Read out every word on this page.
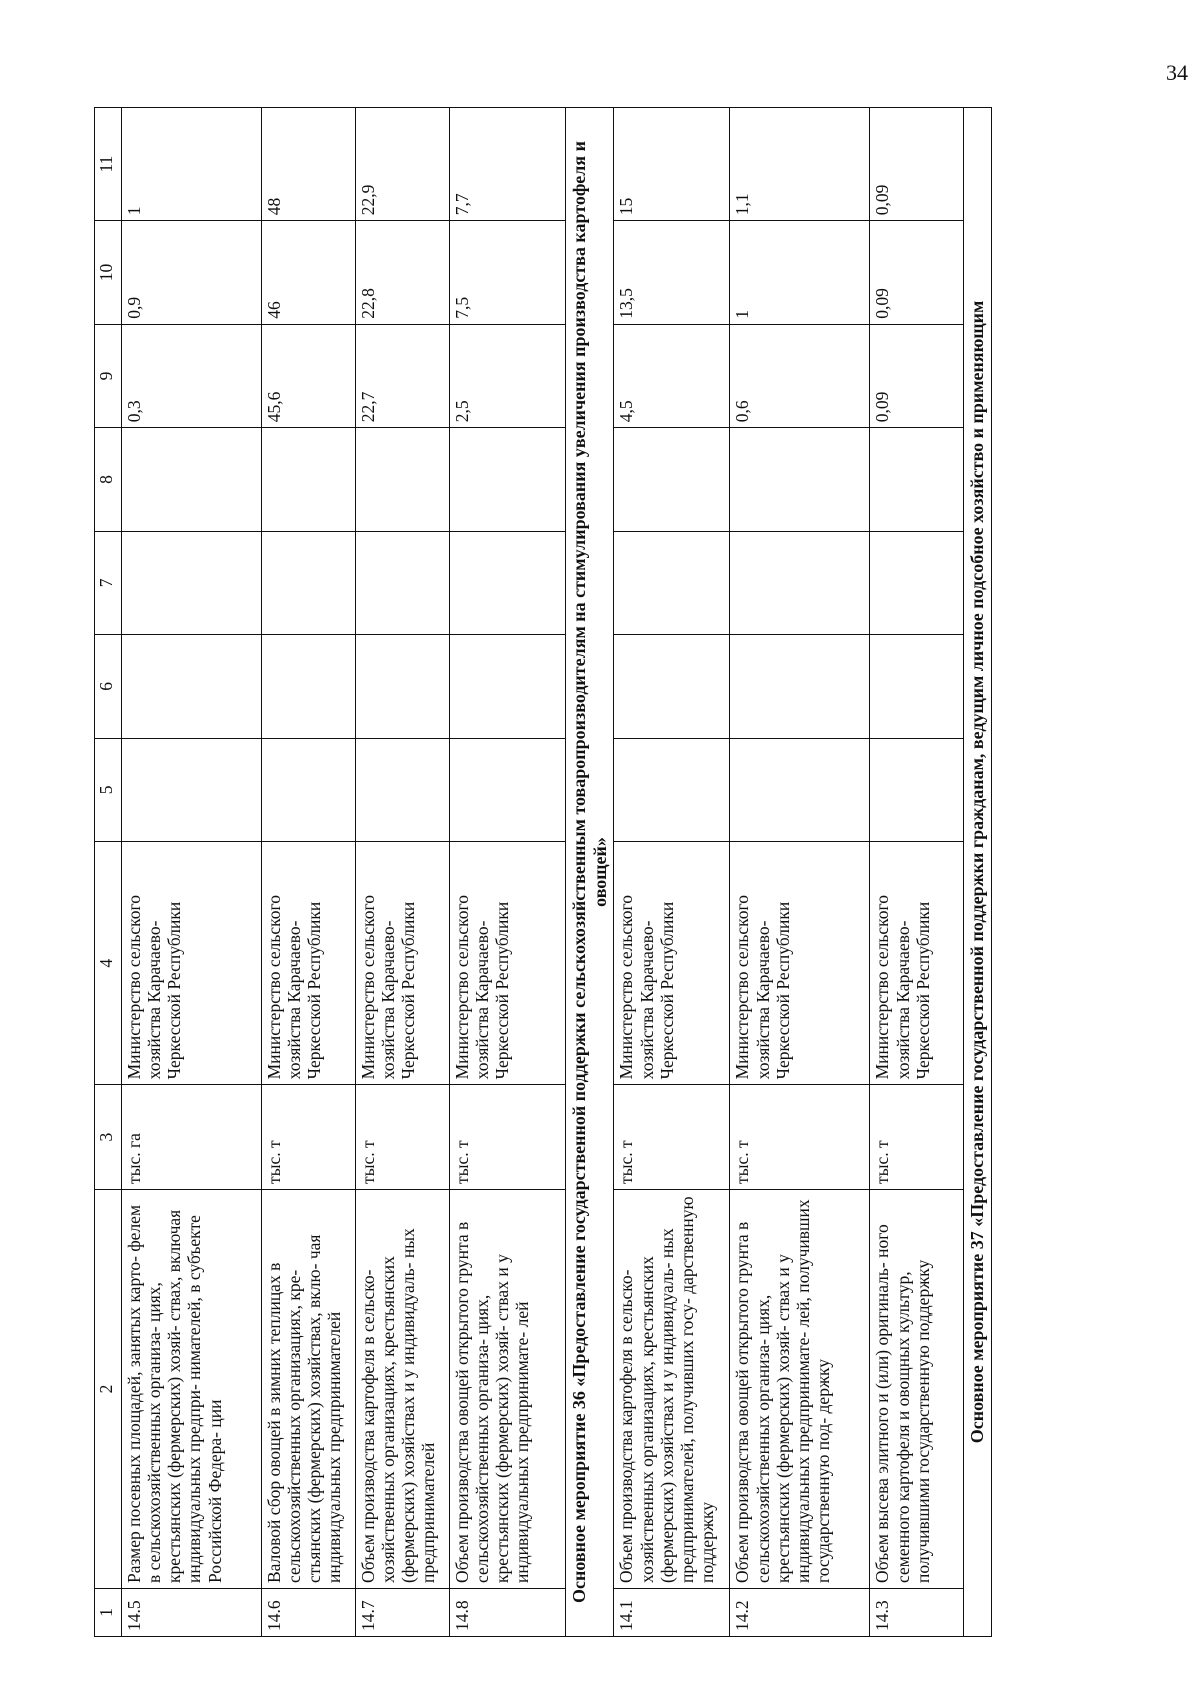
34
1	2	3	4	5	6	7	8	9	10	11
14.5	Размер посевных площадей, занятых карто- фелем в сельскохозяйственных организа- циях, крестьянских (фермерских) хозяй- ствах, включая индивидуальных предпри- нимателей, в субъекте Российской Федера- ции	тыс. га	Министерство сельского хозяйства Карачаево- Черкесской Республики					0,3	0,9	1
14.6	Валовой сбор овощей в зимних теплицах в сельскохозяйственных организациях, кре- стьянских (фермерских) хозяйствах, вклю- чая индивидуальных предпринимателей	тыс. т	Министерство сельского хозяйства Карачаево- Черкесской Республики					45,6	46	48
14.7	Объем производства картофеля в сельско- хозяйственных организациях, крестьянских (фермерских) хозяйствах и у индивидуаль- ных предпринимателей	тыс. т	Министерство сельского хозяйства Карачаево- Черкесской Республики					22,7	22,8	22,9
14.8	Объем производства овощей открытого грунта в сельскохозяйственных организа- циях, крестьянских (фермерских) хозяй- ствах и у индивидуальных предпринимате- лей	тыс. т	Министерство сельского хозяйства Карачаево- Черкесской Республики					2,5	7,5	7,7
Основное мероприятие 36 «Предоставление государственной поддержки сельскохозяйственным товаропроизводителям на стимулирования увеличения производства картофеля и овощей»										
14.1	Объем производства картофеля в сельско- хозяйственных организациях, крестьянских (фермерских) хозяйствах и у индивидуаль- ных предпринимателей, получивших госу- дарственную поддержку	тыс. т	Министерство сельского хозяйства Карачаево- Черкесской Республики					4,5	13,5	15
14.2	Объем производства овощей открытого грунта в сельскохозяйственных организа- циях, крестьянских (фермерских) хозяй- ствах и у индивидуальных предпринимате- лей, получивших государственную под- держку	тыс. т	Министерство сельского хозяйства Карачаево- Черкесской Республики					0,6	1	1,1
14.3	Объем высева элитного и (или) оригиналь- ного семенного картофеля и овощных культур, получившими государственную поддержку	тыс. т	Министерство сельского хозяйства Карачаево- Черкесской Республики					0,09	0,09	0,09
Основное мероприятие 37 «Предоставление государственной поддержки гражданам, ведущим личное подсобное хозяйство и применяющим										
